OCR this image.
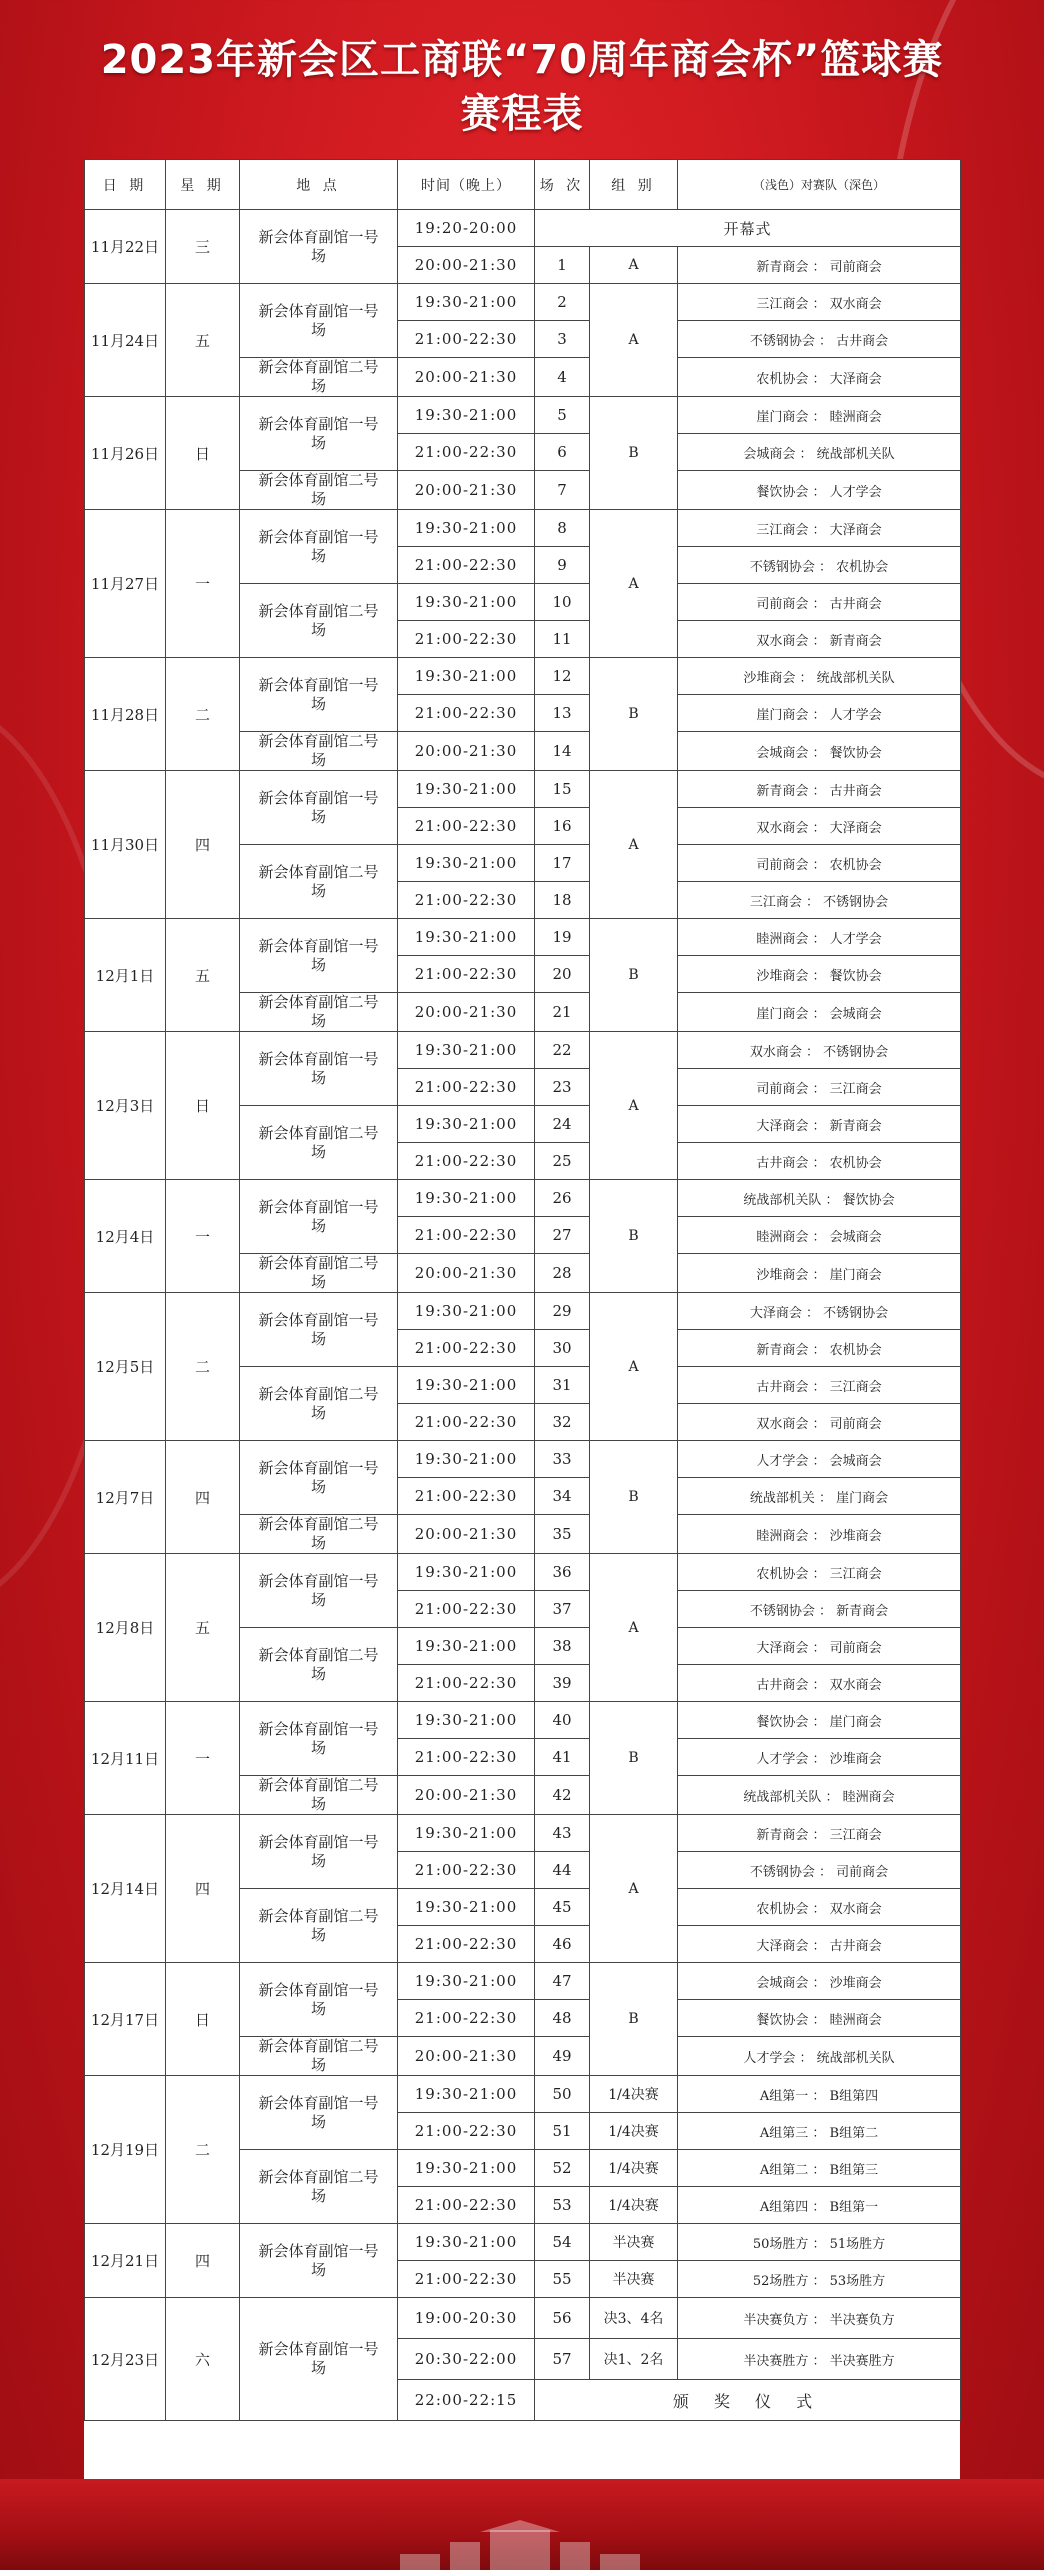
2023年新会区工商联“70周年商会杯”篮球赛
赛程表
日 期	星 期	地 点	时间（晚上）	场 次	组 别	（浅色）对赛队（深色）
11月22日	三	新会体育副馆一号场	19:20-20:00	开幕式		
			20:00-21:30	1	A	新青商会 ： 司前商会
11月24日	五	新会体育副馆一号场	19:30-21:00	2	A	三江商会 ： 双水商会
			21:00-22:30	3		不锈钢协会 ： 古井商会
		新会体育副馆二号场	20:00-21:30	4		农机协会 ： 大泽商会
11月26日	日	新会体育副馆一号场	19:30-21:00	5	B	崖门商会 ： 睦洲商会
			21:00-22:30	6		会城商会 ： 统战部机关队
		新会体育副馆二号场	20:00-21:30	7		餐饮协会 ： 人才学会
11月27日	一	新会体育副馆一号场	19:30-21:00	8	A	三江商会 ： 大泽商会
			21:00-22:30	9		不锈钢协会 ： 农机协会
		新会体育副馆二号场	19:30-21:00	10		司前商会 ： 古井商会
			21:00-22:30	11		双水商会 ： 新青商会
11月28日	二	新会体育副馆一号场	19:30-21:00	12	B	沙堆商会 ： 统战部机关队
			21:00-22:30	13		崖门商会 ： 人才学会
		新会体育副馆二号场	20:00-21:30	14		会城商会 ： 餐饮协会
11月30日	四	新会体育副馆一号场	19:30-21:00	15	A	新青商会 ： 古井商会
			21:00-22:30	16		双水商会 ： 大泽商会
		新会体育副馆二号场	19:30-21:00	17		司前商会 ： 农机协会
			21:00-22:30	18		三江商会 ： 不锈钢协会
12月1日	五	新会体育副馆一号场	19:30-21:00	19	B	睦洲商会 ： 人才学会
			21:00-22:30	20		沙堆商会 ： 餐饮协会
		新会体育副馆二号场	20:00-21:30	21		崖门商会 ： 会城商会
12月3日	日	新会体育副馆一号场	19:30-21:00	22	A	双水商会 ： 不锈钢协会
			21:00-22:30	23		司前商会 ： 三江商会
		新会体育副馆二号场	19:30-21:00	24		大泽商会 ： 新青商会
			21:00-22:30	25		古井商会 ： 农机协会
12月4日	一	新会体育副馆一号场	19:30-21:00	26	B	统战部机关队 ： 餐饮协会
			21:00-22:30	27		睦洲商会 ： 会城商会
		新会体育副馆二号场	20:00-21:30	28		沙堆商会 ： 崖门商会
12月5日	二	新会体育副馆一号场	19:30-21:00	29	A	大泽商会 ： 不锈钢协会
			21:00-22:30	30		新青商会 ： 农机协会
		新会体育副馆二号场	19:30-21:00	31		古井商会 ： 三江商会
			21:00-22:30	32		双水商会 ： 司前商会
12月7日	四	新会体育副馆一号场	19:30-21:00	33	B	人才学会 ： 会城商会
			21:00-22:30	34		统战部机关 ： 崖门商会
		新会体育副馆二号场	20:00-21:30	35		睦洲商会 ： 沙堆商会
12月8日	五	新会体育副馆一号场	19:30-21:00	36	A	农机协会 ： 三江商会
			21:00-22:30	37		不锈钢协会 ： 新青商会
		新会体育副馆二号场	19:30-21:00	38		大泽商会 ： 司前商会
			21:00-22:30	39		古井商会 ： 双水商会
12月11日	一	新会体育副馆一号场	19:30-21:00	40	B	餐饮协会 ： 崖门商会
			21:00-22:30	41		人才学会 ： 沙堆商会
		新会体育副馆二号场	20:00-21:30	42		统战部机关队 ： 睦洲商会
12月14日	四	新会体育副馆一号场	19:30-21:00	43	A	新青商会 ： 三江商会
			21:00-22:30	44		不锈钢协会 ： 司前商会
		新会体育副馆二号场	19:30-21:00	45		农机协会 ： 双水商会
			21:00-22:30	46		大泽商会 ： 古井商会
12月17日	日	新会体育副馆一号场	19:30-21:00	47	B	会城商会 ： 沙堆商会
			21:00-22:30	48		餐饮协会 ： 睦洲商会
		新会体育副馆二号场	20:00-21:30	49		人才学会 ： 统战部机关队
12月19日	二	新会体育副馆一号场	19:30-21:00	50	1/4决赛	A组第一 ： B组第四
			21:00-22:30	51	1/4决赛	A组第三 ： B组第二
		新会体育副馆二号场	19:30-21:00	52	1/4决赛	A组第二 ： B组第三
			21:00-22:30	53	1/4决赛	A组第四 ： B组第一
12月21日	四	新会体育副馆一号场	19:30-21:00	54	半决赛	50场胜方 ： 51场胜方
			21:00-22:30	55	半决赛	52场胜方 ： 53场胜方
12月23日	六	新会体育副馆一号场	19:00-20:30	56	决3、4名	半决赛负方 ： 半决赛负方
			20:30-22:00	57	决1、2名	半决赛胜方 ： 半决赛胜方
			22:00-22:15	颁 奖 仪 式		
